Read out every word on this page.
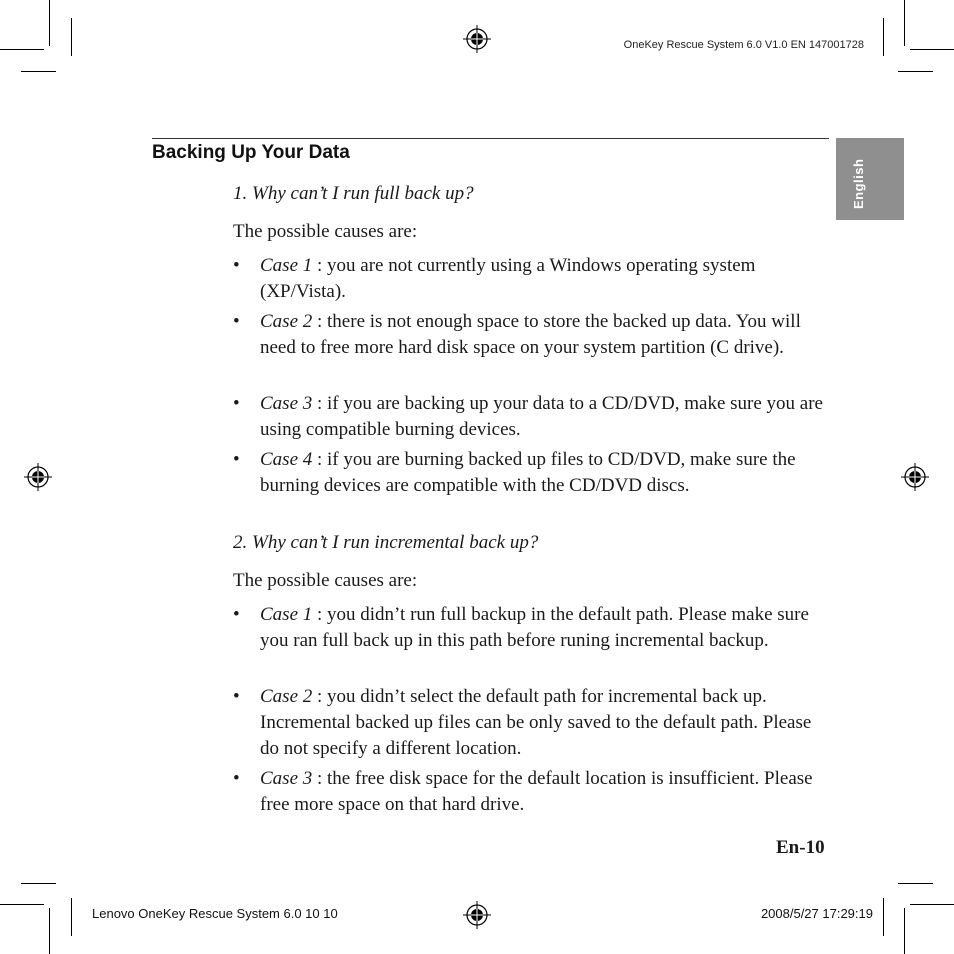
OneKey Rescue System 6.0 V1.0 EN 147001728
Backing Up Your Data
English
1. Why can’t I run full back up?
The possible causes are:
•	Case 1 : you are not currently using a Windows operating system (XP/Vista).
•	Case 2 : there is not enough space to store the backed up data. You will need to free more hard disk space on your system partition (C drive).
•	Case 3 : if you are backing up your data to a CD/DVD, make sure you are using compatible burning devices.
•	Case 4 : if you are burning backed up files to CD/DVD, make sure the burning devices are compatible with the CD/DVD discs.
2. Why can’t I run incremental back up?
The possible causes are:
•	Case 1 : you didn’t run full backup in the default path. Please make sure you ran full back up in this path before runing incremental backup.
•	Case 2 : you didn’t select the default path for incremental back up. Incremental backed up files can be only saved to the default path. Please do not specify a different location.
•	Case 3 : the free disk space for the default location is insufficient. Please free more space on that hard drive.
En-10
Lenovo OneKey Rescue System 6.0 10 10	2008/5/27 17:29:19
